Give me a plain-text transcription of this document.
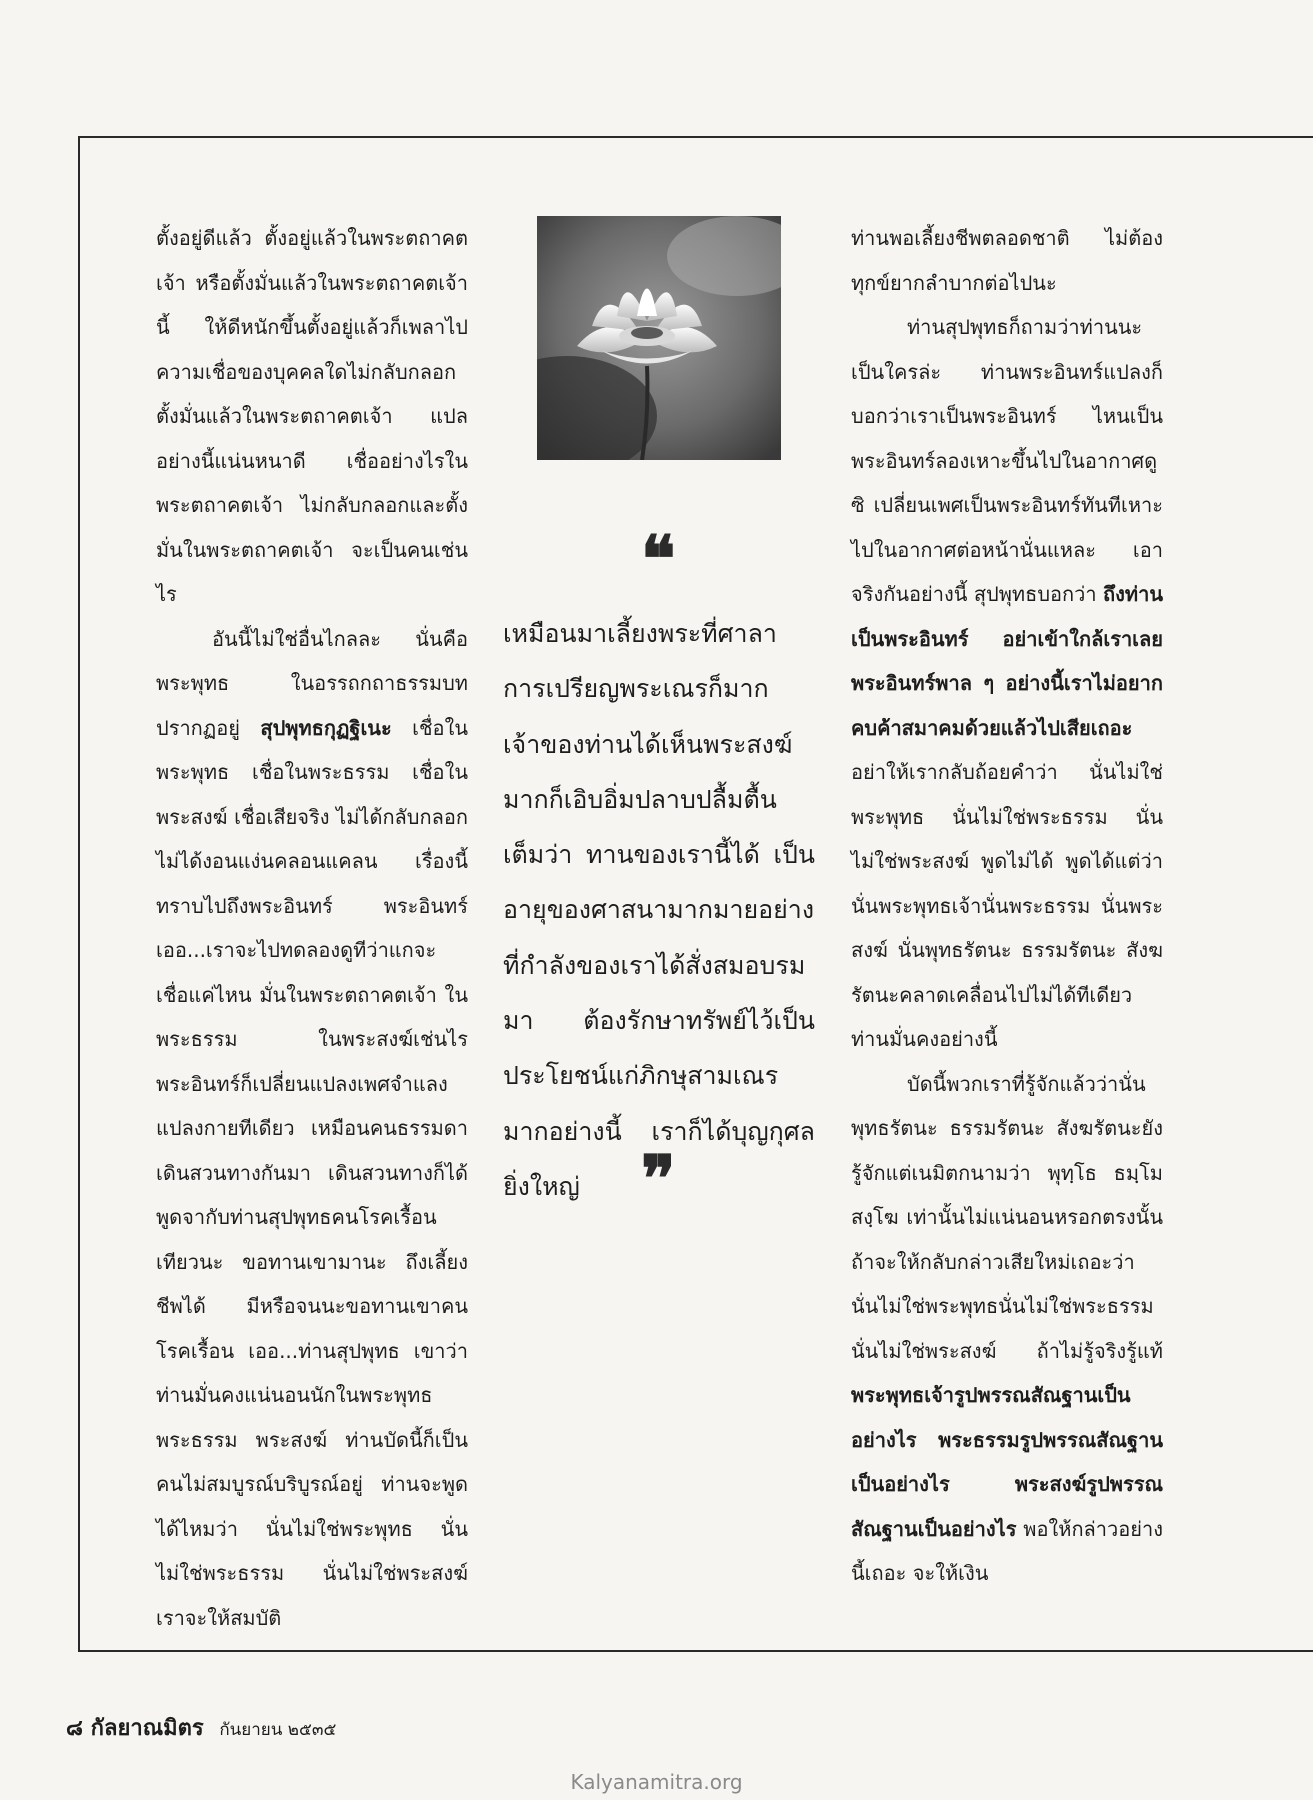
ตั้งอยู่ดีแล้ว ตั้งอยู่แล้วในพระตถาคตเจ้า หรือตั้งมั่นแล้วในพระตถาคตเจ้านี้ ให้ดีหนักขึ้นตั้งอยู่แล้วก็เพลาไป ความเชื่อของบุคคลใดไม่กลับกลอก ตั้งมั่นแล้วในพระตถาคตเจ้า แปลอย่างนี้แน่นหนาดี เชื่ออย่างไรในพระตถาคตเจ้า ไม่กลับกลอกและตั้งมั่นในพระตถาคตเจ้า จะเป็นคนเช่นไร

อันนี้ไม่ใช่อื่นไกลละ นั่นคือพระพุทธ ในอรรถกถาธรรมบทปรากฏอยู่ สุปพุทธกุฏฐิเนะ เชื่อในพระพุทธ เชื่อในพระธรรม เชื่อในพระสงฆ์ เชื่อเสียจริง ไม่ได้กลับกลอก ไม่ได้งอนแง่นคลอนแคลน เรื่องนี้ทราบไปถึงพระอินทร์ พระอินทร์เออ...เราจะไปทดลองดูทีว่าแกจะเชื่อแค่ไหน มั่นในพระตถาคตเจ้า ในพระธรรม ในพระสงฆ์เช่นไร พระอินทร์ก็เปลี่ยนแปลงเพศจำแลง แปลงกายทีเดียว เหมือนคนธรรมดา เดินสวนทางกันมา เดินสวนทางก็ได้พูดจากับท่านสุปพุทธคนโรคเรื้อนเทียวนะ ขอทานเขามานะ ถึงเลี้ยงชีพได้ มีหรือจนนะขอทานเขาคนโรคเรื้อน เออ...ท่านสุปพุทธ เขาว่าท่านมั่นคงแน่นอนนักในพระพุทธ พระธรรม พระสงฆ์ ท่านบัดนี้ก็เป็นคนไม่สมบูรณ์บริบูรณ์อยู่ ท่านจะพูดได้ไหมว่า นั่นไม่ใช่พระพุทธ นั่นไม่ใช่พระธรรม นั่นไม่ใช่พระสงฆ์ เราจะให้สมบัติ

❝

เหมือนมาเลี้ยงพระที่ศาลาการเปรียญพระเณรก็มาก เจ้าของท่านได้เห็นพระสงฆ์มากก็เอิบอิ่มปลาบปลื้มตื้นเต็มว่า ทานของเรานี้ได้ เป็นอายุของศาสนามากมายอย่างที่กำลังของเราได้สั่งสมอบรมมา ต้องรักษาทรัพย์ไว้เป็นประโยชน์แก่ภิกษุสามเณรมากอย่างนี้ เราก็ได้บุญกุศลยิ่งใหญ่ ❞

ท่านพอเลี้ยงชีพตลอดชาติ ไม่ต้องทุกข์ยากลำบากต่อไปนะ

ท่านสุปพุทธก็ถามว่าท่านนะเป็นใครล่ะ ท่านพระอินทร์แปลงก็บอกว่าเราเป็นพระอินทร์ ไหนเป็นพระอินทร์ลองเหาะขึ้นไปในอากาศดูซิ เปลี่ยนเพศเป็นพระอินทร์ทันทีเหาะไปในอากาศต่อหน้านั่นแหละ เอาจริงกันอย่างนี้ สุปพุทธบอกว่า ถึงท่านเป็นพระอินทร์ อย่าเข้าใกล้เราเลย พระอินทร์พาล ๆ อย่างนี้เราไม่อยากคบค้าสมาคมด้วยแล้วไปเสียเถอะ อย่าให้เรากลับถ้อยคำว่า นั่นไม่ใช่พระพุทธ นั่นไม่ใช่พระธรรม นั่นไม่ใช่พระสงฆ์ พูดไม่ได้ พูดได้แต่ว่านั่นพระพุทธเจ้านั่นพระธรรม นั่นพระสงฆ์ นั่นพุทธรัตนะ ธรรมรัตนะ สังฆรัตนะคลาดเคลื่อนไปไม่ได้ทีเดียว ท่านมั่นคงอย่างนี้

บัดนี้พวกเราที่รู้จักแล้วว่านั่นพุทธรัตนะ ธรรมรัตนะ สังฆรัตนะยังรู้จักแต่เนมิตกนามว่า พุทฺโธ ธมฺโม สงฺโฆ เท่านั้นไม่แน่นอนหรอกตรงนั้น ถ้าจะให้กลับกล่าวเสียใหม่เถอะว่า นั่นไม่ใช่พระพุทธนั่นไม่ใช่พระธรรม นั่นไม่ใช่พระสงฆ์ ถ้าไม่รู้จริงรู้แท้ พระพุทธเจ้ารูปพรรณสัณฐานเป็นอย่างไร พระธรรมรูปพรรณสัณฐานเป็นอย่างไร พระสงฆ์รูปพรรณสัณฐานเป็นอย่างไร พอให้กล่าวอย่างนี้เถอะ จะให้เงิน

๘ กัลยาณมิตร กันยายน ๒๕๓๕
Kalyanamitra.org
